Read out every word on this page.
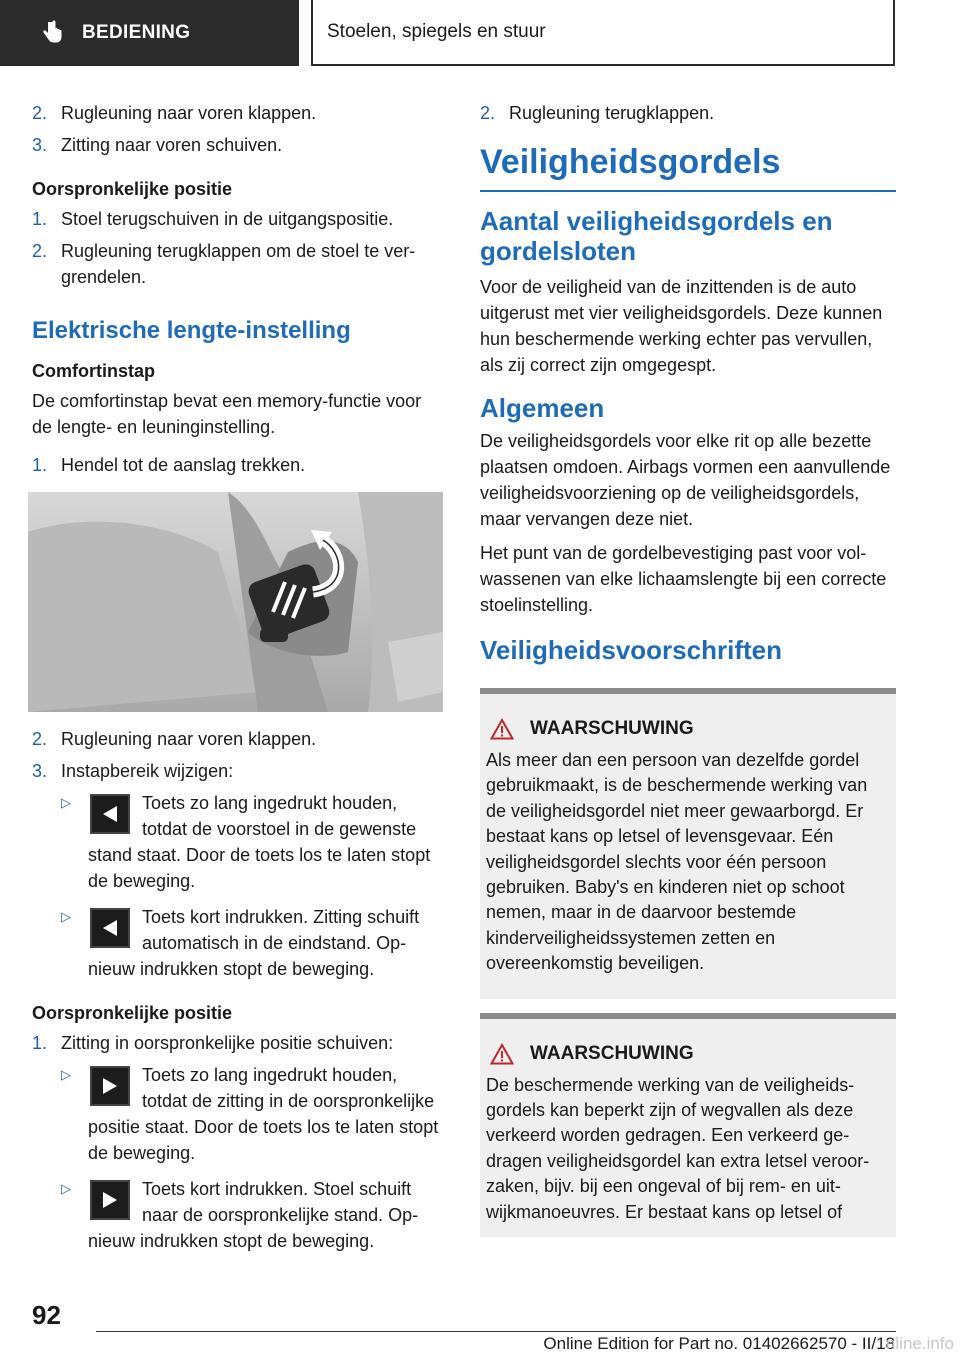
BEDIENING	Stoelen, spiegels en stuur
2. Rugleuning naar voren klappen.
3. Zitting naar voren schuiven.
Oorspronkelijke positie
1. Stoel terugschuiven in de uitgangspositie.
2. Rugleuning terugklappen om de stoel te vergrendelen.
Elektrische lengte-instelling
Comfortinstap
De comfortinstap bevat een memory-functie voor de lengte- en leuninginstelling.
1. Hendel tot de aanslag trekken.
2. Rugleuning naar voren klappen.
3. Instapbereik wijzigen:
▷	Toets zo lang ingedrukt houden, totdat de voorstoel in de gewenste stand staat. Door de toets los te laten stopt de beweging.
▷	Toets kort indrukken. Zitting schuift automatisch in de eindstand. Opnieuw indrukken stopt de beweging.
Oorspronkelijke positie
1. Zitting in oorspronkelijke positie schuiven:
▷	Toets zo lang ingedrukt houden, totdat de zitting in de oorspronkelijke positie staat. Door de toets los te laten stopt de beweging.
▷	Toets kort indrukken. Stoel schuift naar de oorspronkelijke stand. Opnieuw indrukken stopt de beweging.
2. Rugleuning terugklappen.
Veiligheidsgordels
Aantal veiligheidsgordels en gordelsloten
Voor de veiligheid van de inzittenden is de auto uitgerust met vier veiligheidsgordels. Deze kunnen hun beschermende werking echter pas vervullen, als zij correct zijn omgegespt.
Algemeen
De veiligheidsgordels voor elke rit op alle bezette plaatsen omdoen. Airbags vormen een aanvullende veiligheidsvoorziening op de veiligheidsgordels, maar vervangen deze niet.
Het punt van de gordelbevestiging past voor volwassenen van elke lichaamslengte bij een correcte stoelinstelling.
Veiligheidsvoorschriften
WAARSCHUWING
Als meer dan een persoon van dezelfde gordel gebruikmaakt, is de beschermende werking van de veiligheidsgordel niet meer gewaarborgd. Er bestaat kans op letsel of levensgevaar. Eén veiligheidsgordel slechts voor één persoon gebruiken. Baby's en kinderen niet op schoot nemen, maar in de daarvoor bestemde kinderveiligheidssystemen zetten en overeenkomstig beveiligen.
WAARSCHUWING
De beschermende werking van de veiligheidsgordels kan beperkt zijn of wegvallen als deze verkeerd worden gedragen. Een verkeerd gedragen veiligheidsgordel kan extra letsel veroorzaken, bijv. bij een ongeval of bij rem- en uitwijkmanoeuvres. Er bestaat kans op letsel of
92
Online Edition for Part no. 01402662570 - II/18
nline.info
